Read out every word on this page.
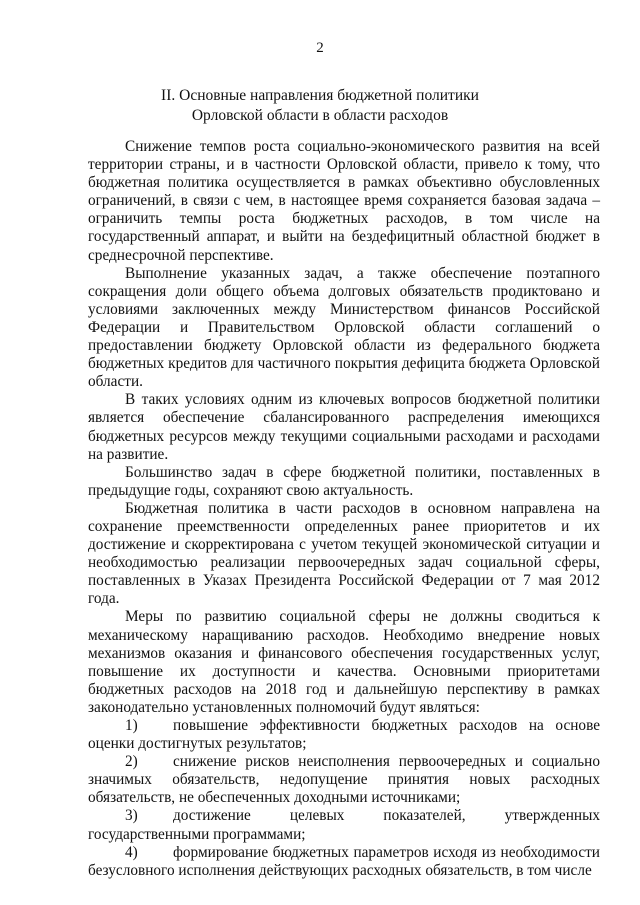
2
II. Основные направления бюджетной политики
Орловской области в области расходов

Снижение темпов роста социально-экономического развития на всей территории страны, и в частности Орловской области, привело к тому, что бюджетная политика осуществляется в рамках объективно обусловленных ограничений, в связи с чем, в настоящее время сохраняется базовая задача – ограничить темпы роста бюджетных расходов, в том числе на государственный аппарат, и выйти на бездефицитный областной бюджет в среднесрочной перспективе.

Выполнение указанных задач, а также обеспечение поэтапного сокращения доли общего объема долговых обязательств продиктовано и условиями заключенных между Министерством финансов Российской Федерации и Правительством Орловской области соглашений о предоставлении бюджету Орловской области из федерального бюджета бюджетных кредитов для частичного покрытия дефицита бюджета Орловской области.

В таких условиях одним из ключевых вопросов бюджетной политики является обеспечение сбалансированного распределения имеющихся бюджетных ресурсов между текущими социальными расходами и расходами на развитие.

Большинство задач в сфере бюджетной политики, поставленных в предыдущие годы, сохраняют свою актуальность.

Бюджетная политика в части расходов в основном направлена на сохранение преемственности определенных ранее приоритетов и их достижение и скорректирована с учетом текущей экономической ситуации и необходимостью реализации первоочередных задач социальной сферы, поставленных в Указах Президента Российской Федерации от 7 мая 2012 года.

Меры по развитию социальной сферы не должны сводиться к механическому наращиванию расходов. Необходимо внедрение новых механизмов оказания и финансового обеспечения государственных услуг, повышение их доступности и качества. Основными приоритетами бюджетных расходов на 2018 год и дальнейшую перспективу в рамках законодательно установленных полномочий будут являться:

1) повышение эффективности бюджетных расходов на основе оценки достигнутых результатов;

2) снижение рисков неисполнения первоочередных и социально значимых обязательств, недопущение принятия новых расходных обязательств, не обеспеченных доходными источниками;

3) достижение целевых показателей, утвержденных государственными программами;

4) формирование бюджетных параметров исходя из необходимости безусловного исполнения действующих расходных обязательств, в том числе
